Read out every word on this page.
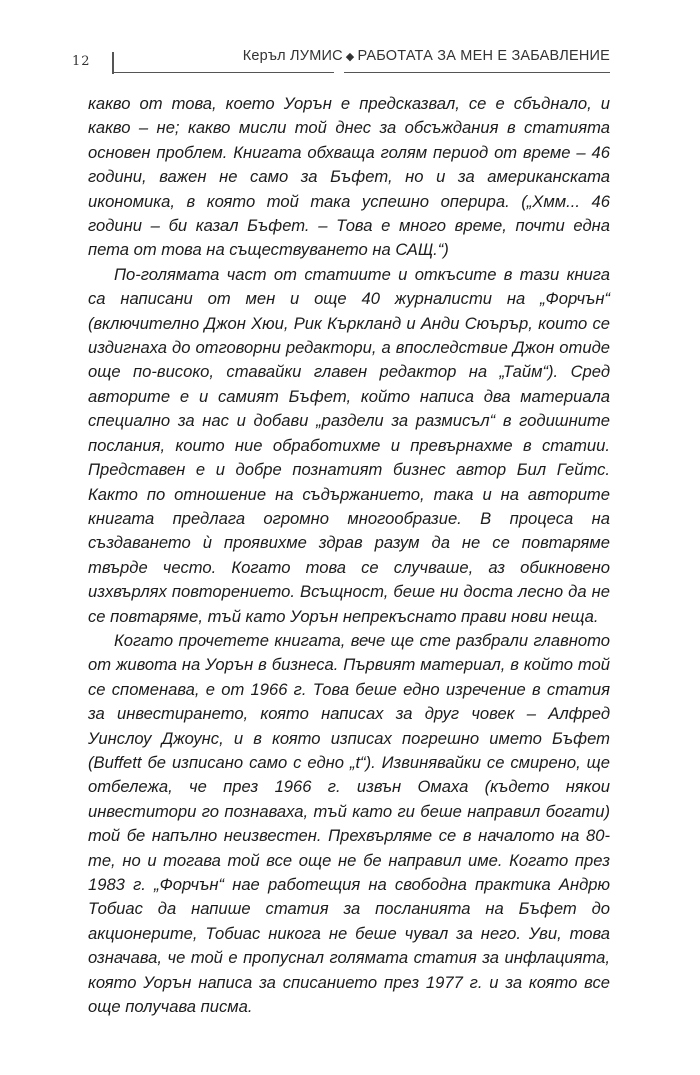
12	Керъл ЛУМИС ◆ РАБОТАТА ЗА МЕН Е ЗАБАВЛЕНИЕ

какво от това, което Уорън е предсказвал, се е сбъднало, и какво – не; какво мисли той днес за обсъждания в статията основен проблем. Книгата обхваща голям период от време – 46 години, важен не само за Бъфет, но и за американската икономика, в която той така успешно оперира. („Хмм... 46 години – би казал Бъфет. – Това е много време, почти една пета от това на съществуването на САЩ.“)

По-голямата част от статиите и откъсите в тази книга са написани от мен и още 40 журналисти на „Форчън“ (включително Джон Хюи, Рик Къркланд и Анди Сюърър, които се издигнаха до отговорни редактори, а впоследствие Джон отиде още по-високо, ставайки главен редактор на „Тайм“). Сред авторите е и самият Бъфет, който написа два материала специално за нас и добави „раздели за размисъл“ в годишните послания, които ние обработихме и превърнахме в статии. Представен е и добре познатият бизнес автор Бил Гейтс. Както по отношение на съдържанието, така и на авторите книгата предлага огромно многообразие. В процеса на създаването ѝ проявихме здрав разум да не се повтаряме твърде често. Когато това се случваше, аз обикновено изхвърлях повторението. Всъщност, беше ни доста лесно да не се повтаряме, тъй като Уорън непрекъснато прави нови неща.

Когато прочетете книгата, вече ще сте разбрали главното от живота на Уорън в бизнеса. Първият материал, в който той се споменава, е от 1966 г. Това беше едно изречение в статия за инвестирането, която написах за друг човек – Алфред Уинслоу Джоунс, и в която изписах погрешно името Бъфет (Buffett бе изписано само с едно „t“). Извинявайки се смирено, ще отбележа, че през 1966 г. извън Омаха (където някои инвеститори го познаваха, тъй като ги беше направил богати) той бе напълно неизвестен. Прехвърляме се в началото на 80-те, но и тогава той все още не бе направил име. Когато през 1983 г. „Форчън“ нае работещия на свободна практика Андрю Тобиас да напише статия за посланията на Бъфет до акционерите, Тобиас никога не беше чувал за него. Уви, това означава, че той е пропуснал голямата статия за инфлацията, която Уорън написа за списанието през 1977 г. и за която все още получава писма.
